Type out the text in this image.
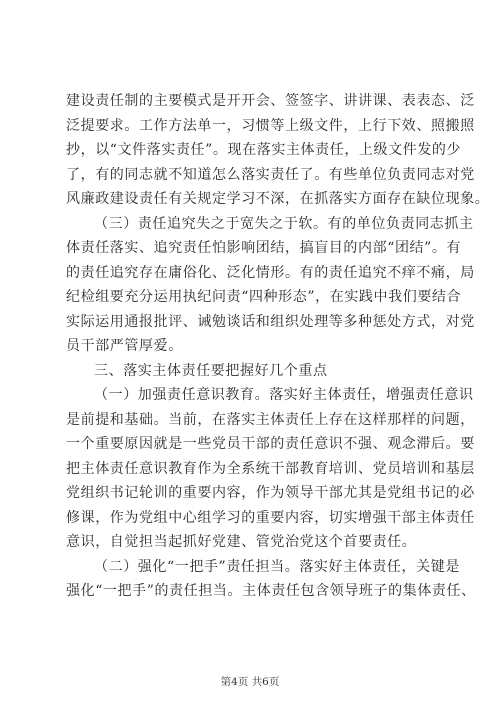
建设责任制的主要模式是开开会、签签字、讲讲课、表表态、泛
泛提要求。工作方法单一，习惯等上级文件，上行下效、照搬照
抄，以“文件落实责任”。现在落实主体责任，上级文件发的少
了，有的同志就不知道怎么落实责任了。有些单位负责同志对党
风廉政建设责任有关规定学习不深，在抓落实方面存在缺位现象。
（三）责任追究失之于宽失之于软。有的单位负责同志抓主
体责任落实、追究责任怕影响团结，搞盲目的内部“团结”。有
的责任追究存在庸俗化、泛化情形。有的责任追究不痒不痛，局
纪检组要充分运用执纪问责“四种形态”，在实践中我们要结合
实际运用通报批评、诫勉谈话和组织处理等多种惩处方式，对党
员干部严管厚爱。
三、落实主体责任要把握好几个重点
（一）加强责任意识教育。落实好主体责任，增强责任意识
是前提和基础。当前，在落实主体责任上存在这样那样的问题，
一个重要原因就是一些党员干部的责任意识不强、观念滞后。要
把主体责任意识教育作为全系统干部教育培训、党员培训和基层
党组织书记轮训的重要内容，作为领导干部尤其是党组书记的必
修课，作为党组中心组学习的重要内容，切实增强干部主体责任
意识，自觉担当起抓好党建、管党治党这个首要责任。
（二）强化“一把手”责任担当。落实好主体责任，关键是
强化“一把手”的责任担当。主体责任包含领导班子的集体责任、
第4页 共6页
